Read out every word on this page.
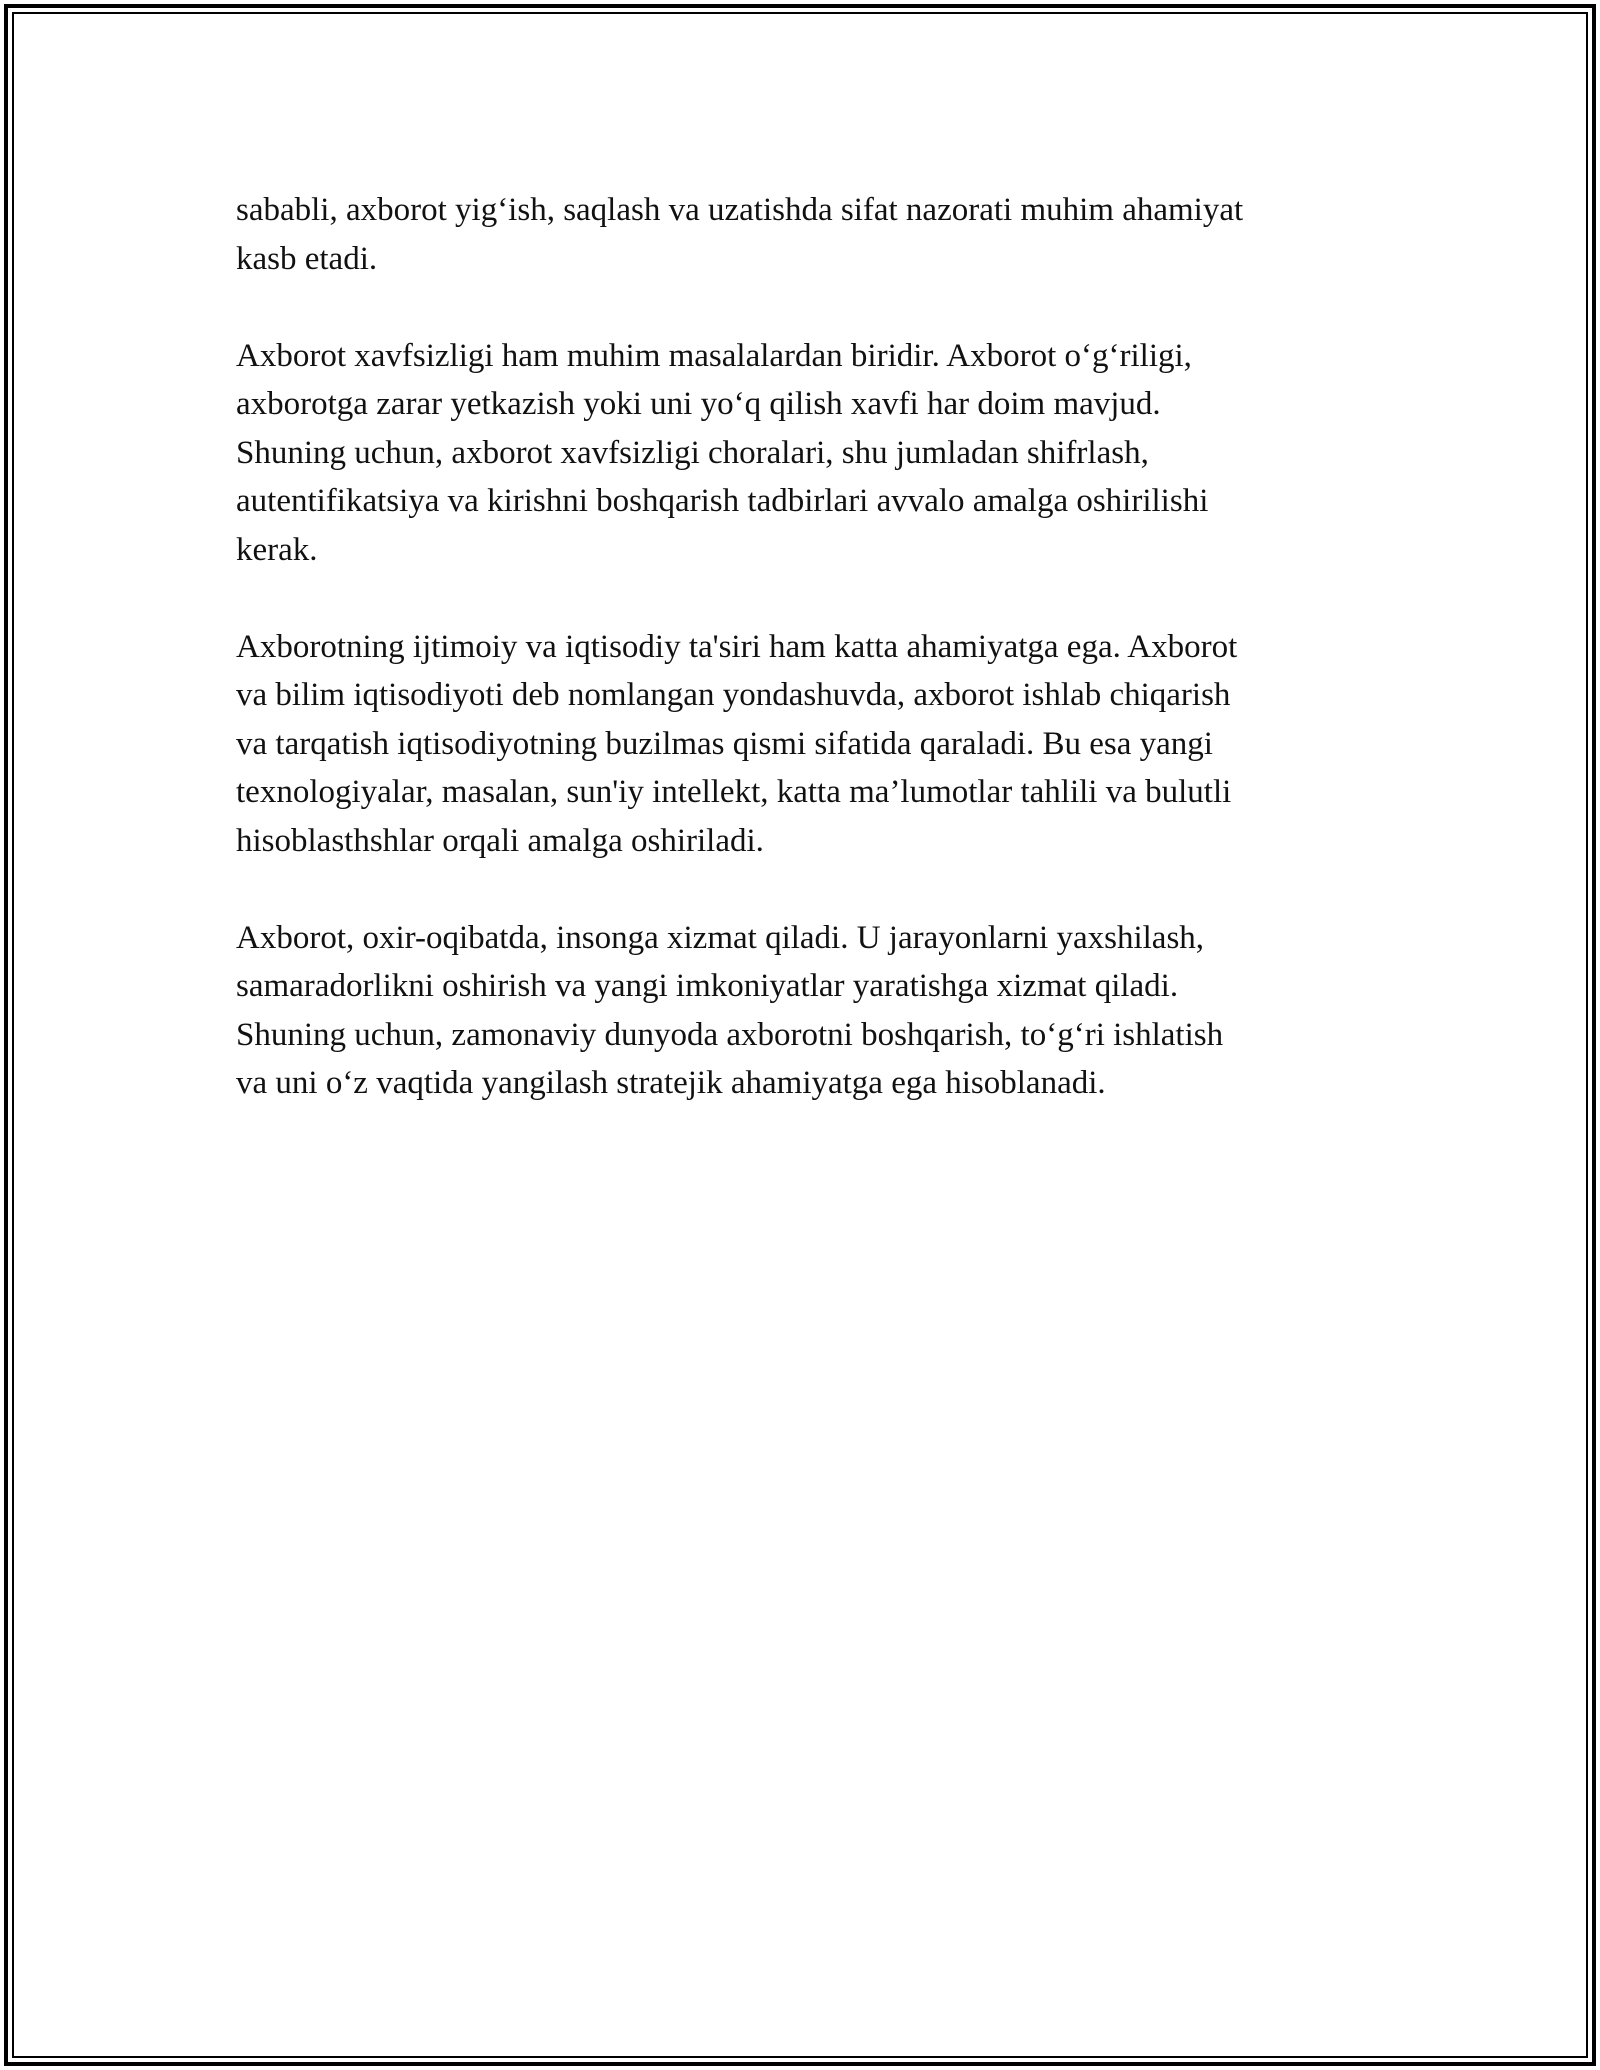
sababli, axborot yig‘ish, saqlash va uzatishda sifat nazorati muhim ahamiyat
kasb etadi.

Axborot xavfsizligi ham muhim masalalardan biridir. Axborot o‘g‘riligi,
axborotga zarar yetkazish yoki uni yo‘q qilish xavfi har doim mavjud.
Shuning uchun, axborot xavfsizligi choralari, shu jumladan shifrlash,
autentifikatsiya va kirishni boshqarish tadbirlari avvalo amalga oshirilishi
kerak.

Axborotning ijtimoiy va iqtisodiy ta'siri ham katta ahamiyatga ega. Axborot
va bilim iqtisodiyoti deb nomlangan yondashuvda, axborot ishlab chiqarish
va tarqatish iqtisodiyotning buzilmas qismi sifatida qaraladi. Bu esa yangi
texnologiyalar, masalan, sun'iy intellekt, katta ma’lumotlar tahlili va bulutli
hisoblasthshlar orqali amalga oshiriladi.

Axborot, oxir-oqibatda, insonga xizmat qiladi. U jarayonlarni yaxshilash,
samaradorlikni oshirish va yangi imkoniyatlar yaratishga xizmat qiladi.
Shuning uchun, zamonaviy dunyoda axborotni boshqarish, to‘g‘ri ishlatish
va uni o‘z vaqtida yangilash stratejik ahamiyatga ega hisoblanadi.
